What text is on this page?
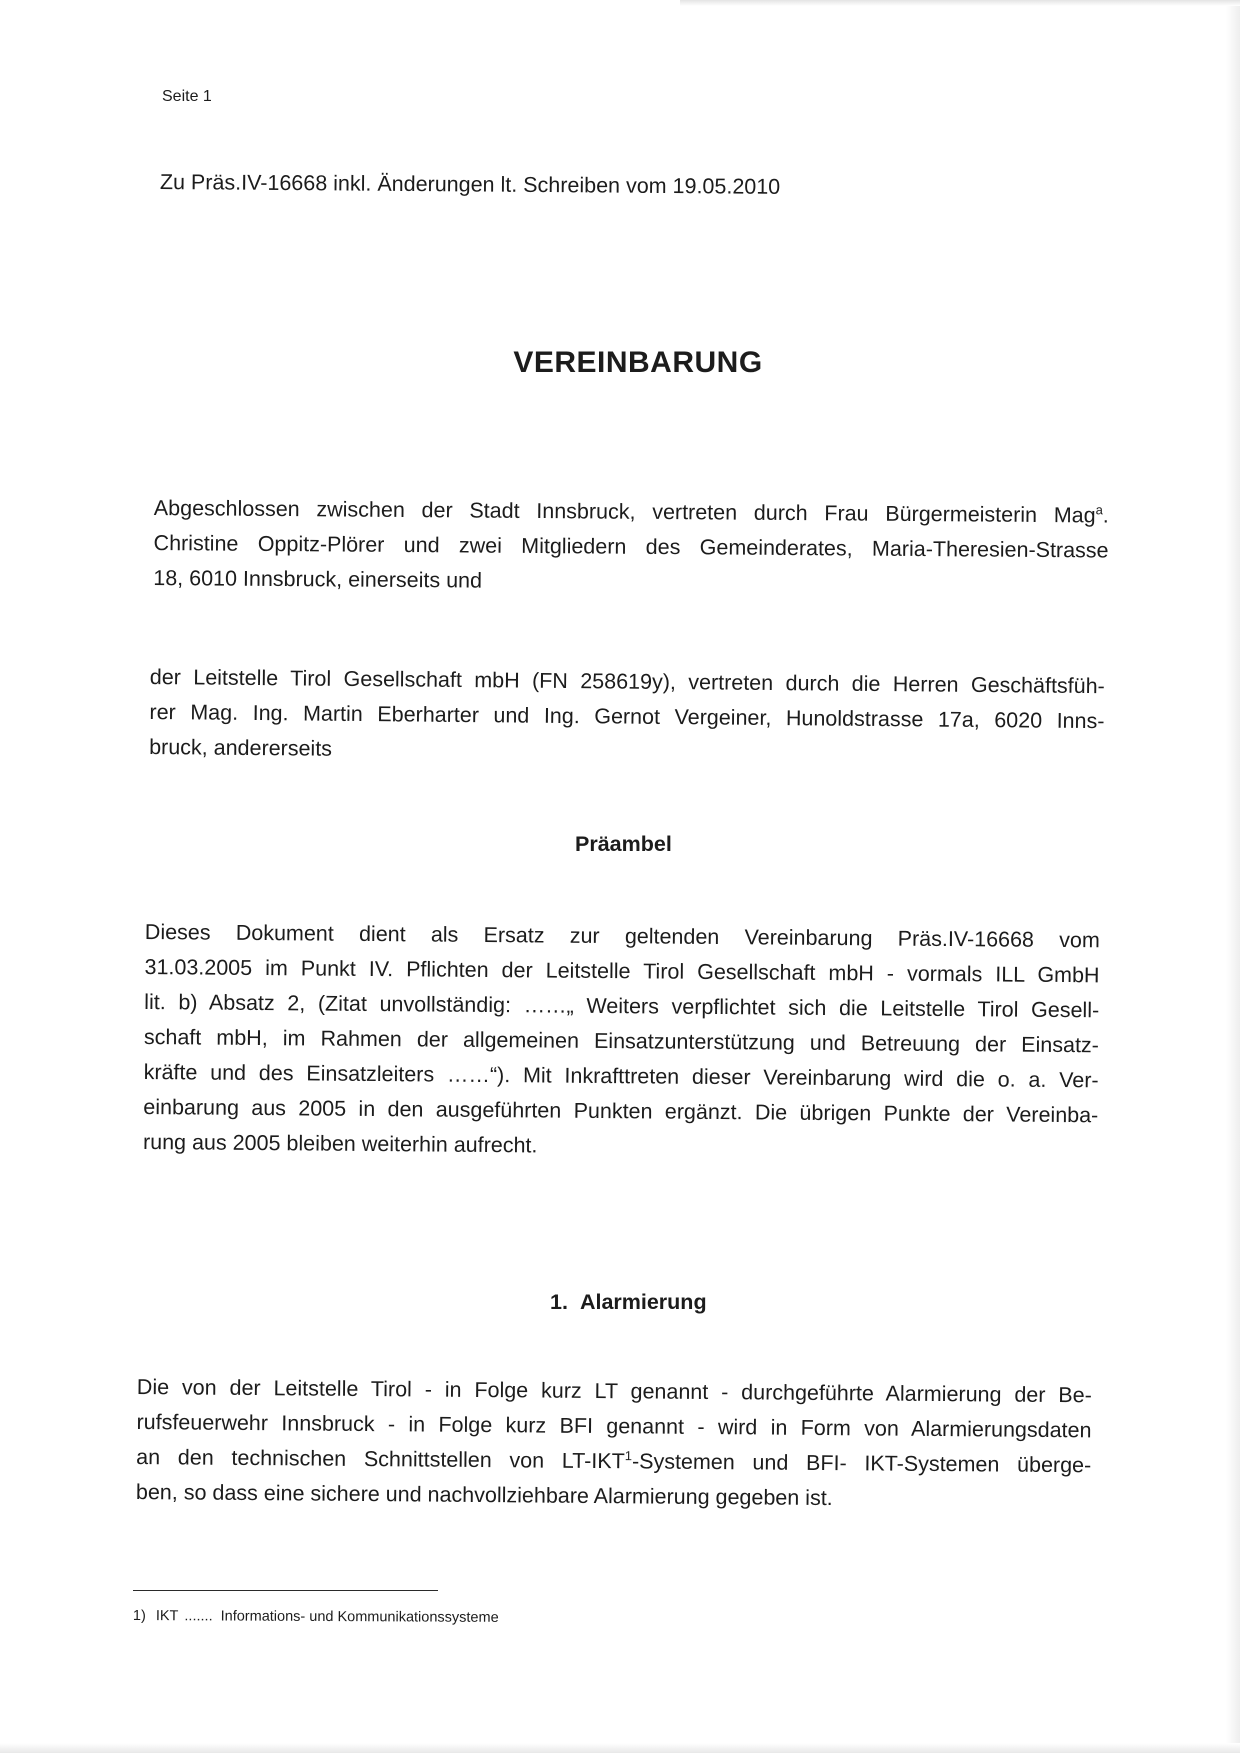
Seite 1
Zu Präs.IV-16668 inkl. Änderungen lt. Schreiben vom 19.05.2010
VEREINBARUNG
Abgeschlossen zwischen der Stadt Innsbruck, vertreten durch Frau Bürgermeisterin Mag$^a$.
Christine Oppitz-Plörer und zwei Mitgliedern des Gemeinderates, Maria-Theresien-Strasse
18, 6010 Innsbruck, einerseits und
der Leitstelle Tirol Gesellschaft mbH (FN 258619y), vertreten durch die Herren Geschäftsfüh-
rer Mag. Ing. Martin Eberharter und Ing. Gernot Vergeiner, Hunoldstrasse 17a, 6020 Inns-
bruck, andererseits
Präambel
Dieses Dokument dient als Ersatz zur geltenden Vereinbarung Präs.IV-16668 vom
31.03.2005 im Punkt IV. Pflichten der Leitstelle Tirol Gesellschaft mbH - vormals ILL GmbH
lit. b) Absatz 2, (Zitat unvollständig: ……„ Weiters verpflichtet sich die Leitstelle Tirol Gesell-
schaft mbH, im Rahmen der allgemeinen Einsatzunterstützung und Betreuung der Einsatz-
kräfte und des Einsatzleiters ……“). Mit Inkrafttreten dieser Vereinbarung wird die o. a. Ver-
einbarung aus 2005 in den ausgeführten Punkten ergänzt. Die übrigen Punkte der Vereinba-
rung aus 2005 bleiben weiterhin aufrecht.
1. Alarmierung
Die von der Leitstelle Tirol - in Folge kurz LT genannt - durchgeführte Alarmierung der Be-
rufsfeuerwehr Innsbruck - in Folge kurz BFI genannt - wird in Form von Alarmierungsdaten
an den technischen Schnittstellen von LT-IKT$^1$-Systemen und BFI- IKT-Systemen überge-
ben, so dass eine sichere und nachvollziehbare Alarmierung gegeben ist.
1) IKT ....... Informations- und Kommunikationssysteme
